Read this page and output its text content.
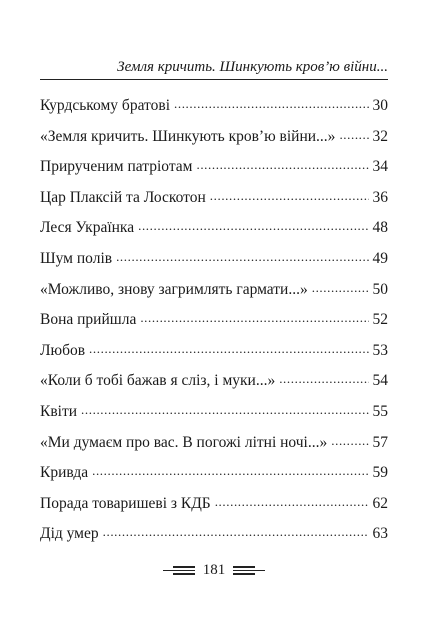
Земля кричить. Шинкують кров’ю війни...
Курдському братові .....	30
«Земля кричить. Шинкують кров’ю війни...» ..... 32
Прирученим патріотам .....	34
Цар Плаксій та Лоскотон .....	36
Леся Українка .....	48
Шум полів .....	49
«Можливо, знову загримлять гармати...» .....	50
Вона прийшла .....	52
Любов .....	53
«Коли б тобі бажав я сліз, і муки...» .....	54
Квіти .....	55
«Ми думаєм про вас. В погожі літні ночі...» .....	57
Кривда .....	59
Порада товаришеві з КДБ .....	62
Дід умер .....	63
181
